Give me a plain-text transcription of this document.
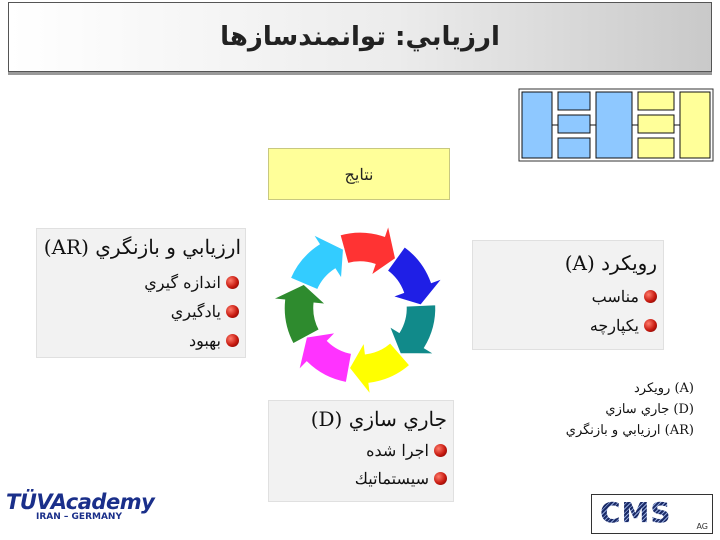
ارزيابي: توانمندسازها
نتايج
ارزيابي و بازنگري (AR)
اندازه گيري
يادگيري
بهبود
رويكرد (A)
مناسب
يكپارچه
جاري سازي (D)
اجرا شده
سيستماتيك
(A) رويكرد
(D) جاري سازي
(AR) ارزيابي و بازنگري
TÜVAcademy
IRAN – GERMANY	CMS	AG
